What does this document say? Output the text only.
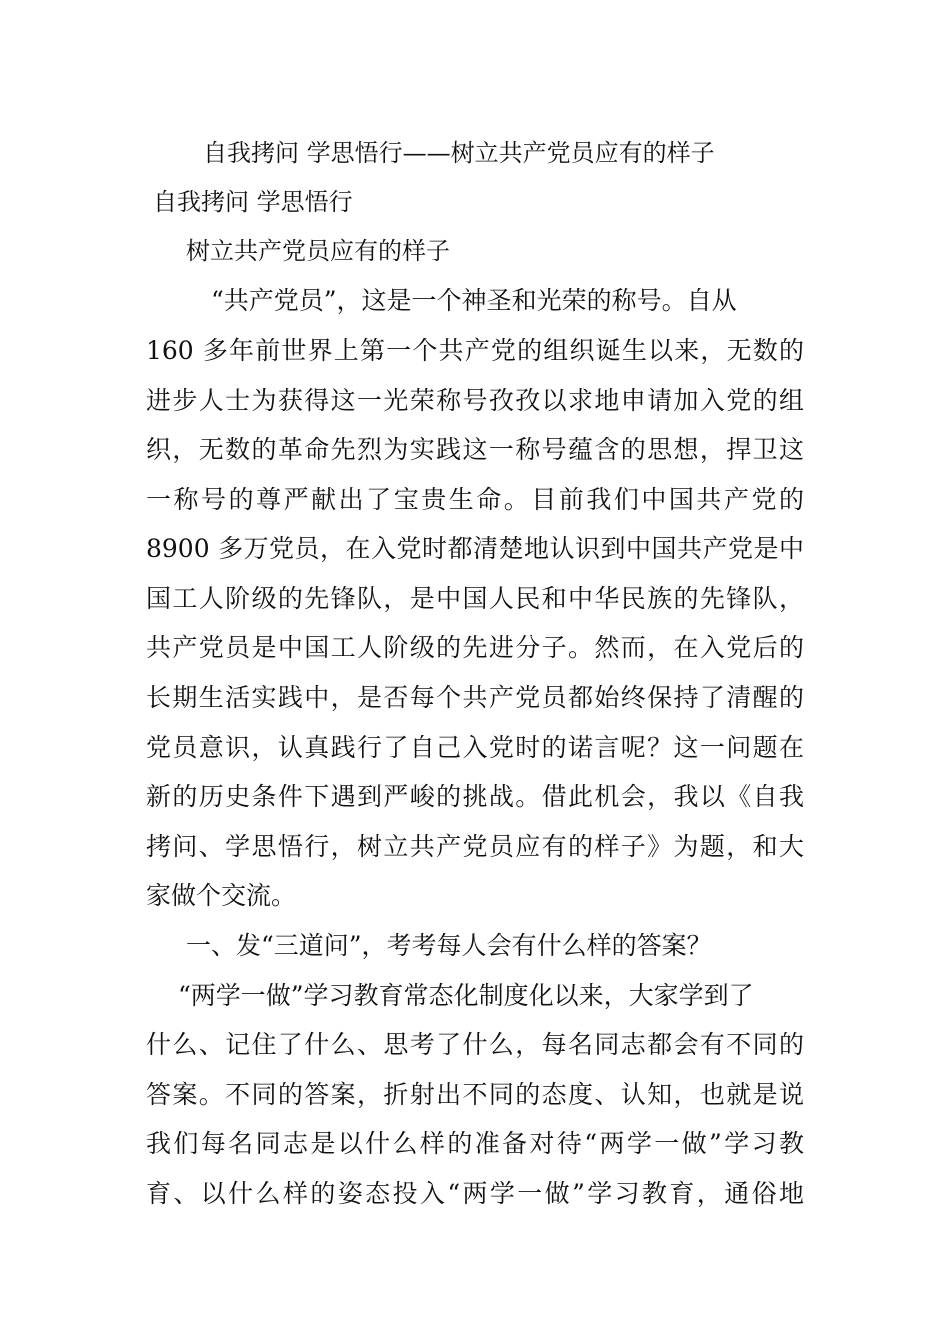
自我拷问 学思悟行——树立共产党员应有的样子
自我拷问 学思悟行
树立共产党员应有的样子
“共产党员”，这是一个神圣和光荣的称号。自从
160 多年前世界上第一个共产党的组织诞生以来，无数的
进步人士为获得这一光荣称号孜孜以求地申请加入党的组
织，无数的革命先烈为实践这一称号蕴含的思想，捍卫这
一称号的尊严献出了宝贵生命。目前我们中国共产党的
8900 多万党员，在入党时都清楚地认识到中国共产党是中
国工人阶级的先锋队，是中国人民和中华民族的先锋队，
共产党员是中国工人阶级的先进分子。然而，在入党后的
长期生活实践中，是否每个共产党员都始终保持了清醒的
党员意识，认真践行了自己入党时的诺言呢？这一问题在
新的历史条件下遇到严峻的挑战。借此机会，我以《自我
拷问、学思悟行，树立共产党员应有的样子》为题，和大
家做个交流。
一、发“三道问”，考考每人会有什么样的答案？
“两学一做”学习教育常态化制度化以来，大家学到了
什么、记住了什么、思考了什么，每名同志都会有不同的
答案。不同的答案，折射出不同的态度、认知，也就是说
我们每名同志是以什么样的准备对待“两学一做”学习教
育、以什么样的姿态投入“两学一做”学习教育，通俗地
